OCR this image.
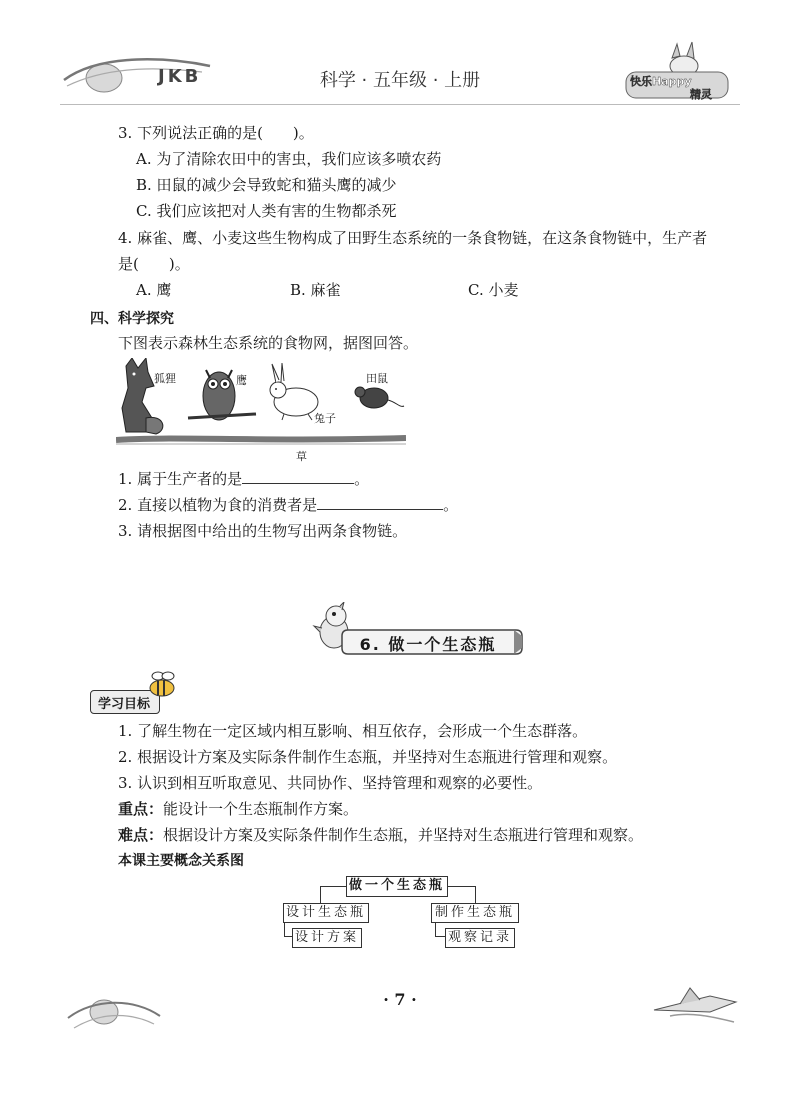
JKB	科学 · 五年级 · 上册	快乐Happy
精灵
3. 下列说法正确的是(　　)。
A. 为了清除农田中的害虫，我们应该多喷农药
B. 田鼠的减少会导致蛇和猫头鹰的减少
C. 我们应该把对人类有害的生物都杀死
4. 麻雀、鹰、小麦这些生物构成了田野生态系统的一条食物链，在这条食物链中，生产者
是(　　)。
A. 鹰	B. 麻雀	C. 小麦
四、科学探究
下图表示森林生态系统的食物网，据图回答。
狐狸	鹰
兔子
田鼠
草
1. 属于生产者的是	。
2. 直接以植物为食的消费者是	。
3. 请根据图中给出的生物写出两条食物链。
6. 做一个生态瓶
学习目标
1. 了解生物在一定区域内相互影响、相互依存，会形成一个生态群落。
2. 根据设计方案及实际条件制作生态瓶，并坚持对生态瓶进行管理和观察。
3. 认识到相互听取意见、共同协作、坚持管理和观察的必要性。
重点：能设计一个生态瓶制作方案。
难点：根据设计方案及实际条件制作生态瓶，并坚持对生态瓶进行管理和观察。
本课主要概念关系图
做一个生态瓶
设计生态瓶	制作生态瓶
设计方案	观察记录
· 7 ·
